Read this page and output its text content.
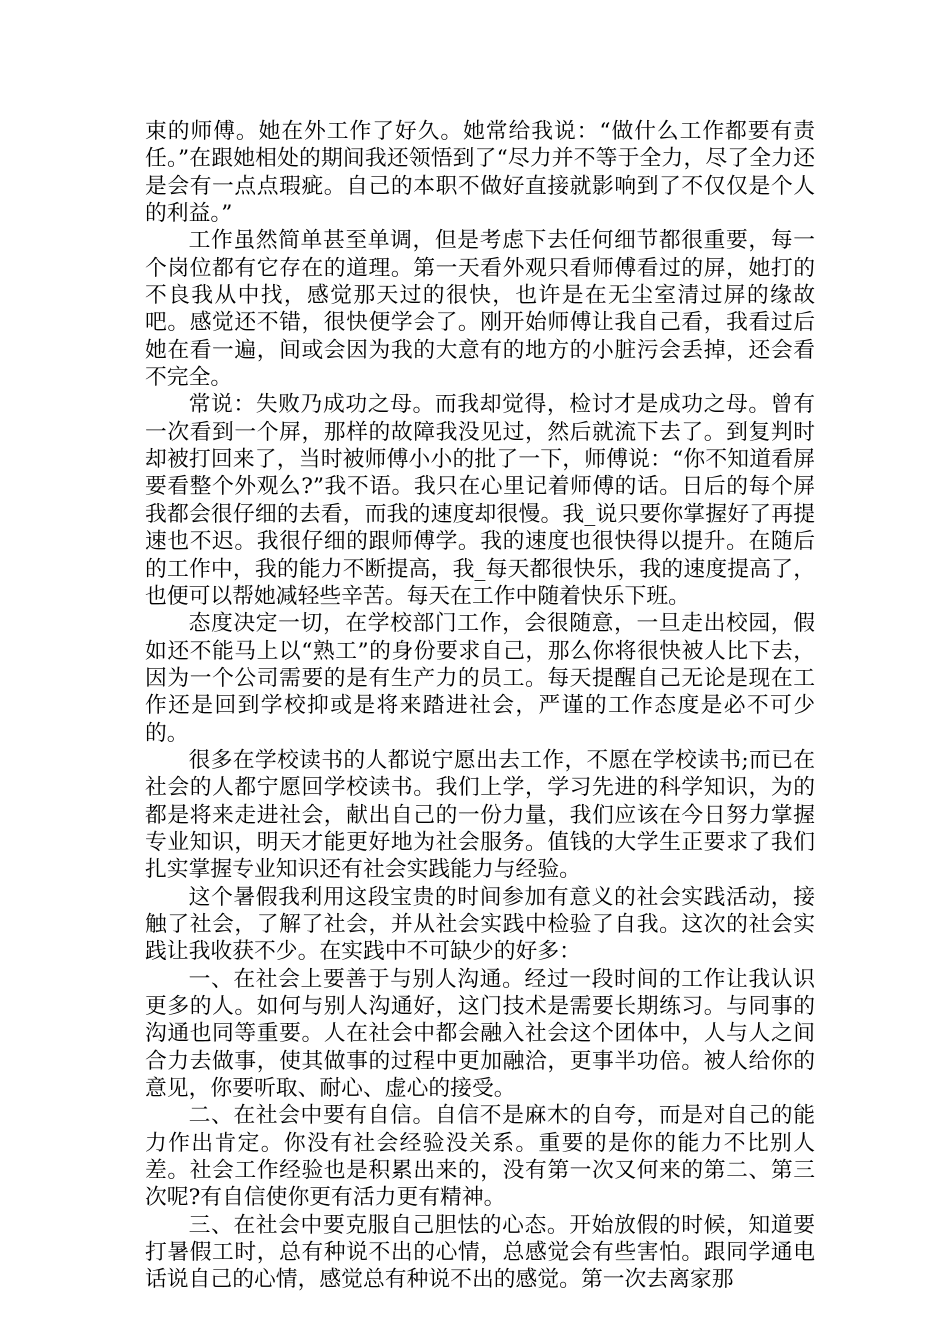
束的师傅。她在外工作了好久。她常给我说：“做什么工作都要有责任。”在跟她相处的期间我还领悟到了“尽力并不等于全力，尽了全力还是会有一点点瑕疵。自己的本职不做好直接就影响到了不仅仅是个人的利益。”

工作虽然简单甚至单调，但是考虑下去任何细节都很重要，每一个岗位都有它存在的道理。第一天看外观只看师傅看过的屏，她打的不良我从中找，感觉那天过的很快，也许是在无尘室清过屏的缘故吧。感觉还不错，很快便学会了。刚开始师傅让我自己看，我看过后她在看一遍，间或会因为我的大意有的地方的小脏污会丢掉，还会看不完全。

常说：失败乃成功之母。而我却觉得，检讨才是成功之母。曾有一次看到一个屏，那样的故障我没见过，然后就流下去了。到复判时却被打回来了，当时被师傅小小的批了一下，师傅说：“你不知道看屏要看整个外观么?”我不语。我只在心里记着师傅的话。日后的每个屏我都会很仔细的去看，而我的速度却很慢。我_说只要你掌握好了再提速也不迟。我很仔细的跟师傅学。我的速度也很快得以提升。在随后的工作中，我的能力不断提高，我_每天都很快乐，我的速度提高了，也便可以帮她减轻些辛苦。每天在工作中随着快乐下班。

态度决定一切，在学校部门工作，会很随意，一旦走出校园，假如还不能马上以“熟工”的身份要求自己，那么你将很快被人比下去，因为一个公司需要的是有生产力的员工。每天提醒自己无论是现在工作还是回到学校抑或是将来踏进社会，严谨的工作态度是必不可少的。

很多在学校读书的人都说宁愿出去工作，不愿在学校读书;而已在社会的人都宁愿回学校读书。我们上学，学习先进的科学知识，为的都是将来走进社会，献出自己的一份力量，我们应该在今日努力掌握专业知识，明天才能更好地为社会服务。值钱的大学生正要求了我们扎实掌握专业知识还有社会实践能力与经验。

这个暑假我利用这段宝贵的时间参加有意义的社会实践活动，接触了社会，了解了社会，并从社会实践中检验了自我。这次的社会实践让我收获不少。在实践中不可缺少的好多：

一、在社会上要善于与别人沟通。经过一段时间的工作让我认识更多的人。如何与别人沟通好，这门技术是需要长期练习。与同事的沟通也同等重要。人在社会中都会融入社会这个团体中，人与人之间合力去做事，使其做事的过程中更加融洽，更事半功倍。被人给你的意见，你要听取、耐心、虚心的接受。

二、在社会中要有自信。自信不是麻木的自夸，而是对自己的能力作出肯定。你没有社会经验没关系。重要的是你的能力不比别人差。社会工作经验也是积累出来的，没有第一次又何来的第二、第三次呢?有自信使你更有活力更有精神。

三、在社会中要克服自己胆怯的心态。开始放假的时候，知道要打暑假工时，总有种说不出的心情，总感觉会有些害怕。跟同学通电话说自己的心情，感觉总有种说不出的感觉。第一次去离家那
